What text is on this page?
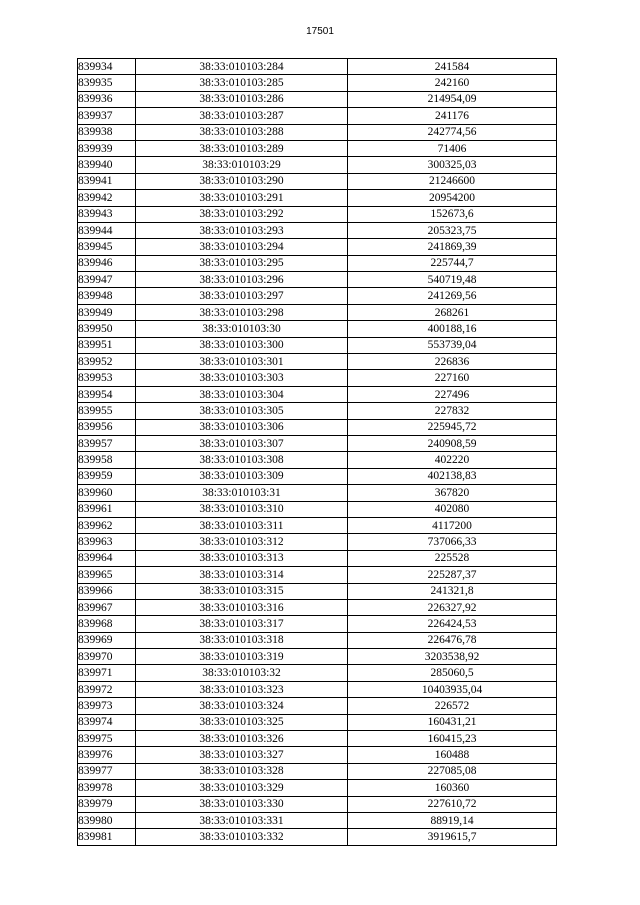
17501
839934	38:33:010103:284	241584
839935	38:33:010103:285	242160
839936	38:33:010103:286	214954,09
839937	38:33:010103:287	241176
839938	38:33:010103:288	242774,56
839939	38:33:010103:289	71406
839940	38:33:010103:29	300325,03
839941	38:33:010103:290	21246600
839942	38:33:010103:291	20954200
839943	38:33:010103:292	152673,6
839944	38:33:010103:293	205323,75
839945	38:33:010103:294	241869,39
839946	38:33:010103:295	225744,7
839947	38:33:010103:296	540719,48
839948	38:33:010103:297	241269,56
839949	38:33:010103:298	268261
839950	38:33:010103:30	400188,16
839951	38:33:010103:300	553739,04
839952	38:33:010103:301	226836
839953	38:33:010103:303	227160
839954	38:33:010103:304	227496
839955	38:33:010103:305	227832
839956	38:33:010103:306	225945,72
839957	38:33:010103:307	240908,59
839958	38:33:010103:308	402220
839959	38:33:010103:309	402138,83
839960	38:33:010103:31	367820
839961	38:33:010103:310	402080
839962	38:33:010103:311	4117200
839963	38:33:010103:312	737066,33
839964	38:33:010103:313	225528
839965	38:33:010103:314	225287,37
839966	38:33:010103:315	241321,8
839967	38:33:010103:316	226327,92
839968	38:33:010103:317	226424,53
839969	38:33:010103:318	226476,78
839970	38:33:010103:319	3203538,92
839971	38:33:010103:32	285060,5
839972	38:33:010103:323	10403935,04
839973	38:33:010103:324	226572
839974	38:33:010103:325	160431,21
839975	38:33:010103:326	160415,23
839976	38:33:010103:327	160488
839977	38:33:010103:328	227085,08
839978	38:33:010103:329	160360
839979	38:33:010103:330	227610,72
839980	38:33:010103:331	88919,14
839981	38:33:010103:332	3919615,7
